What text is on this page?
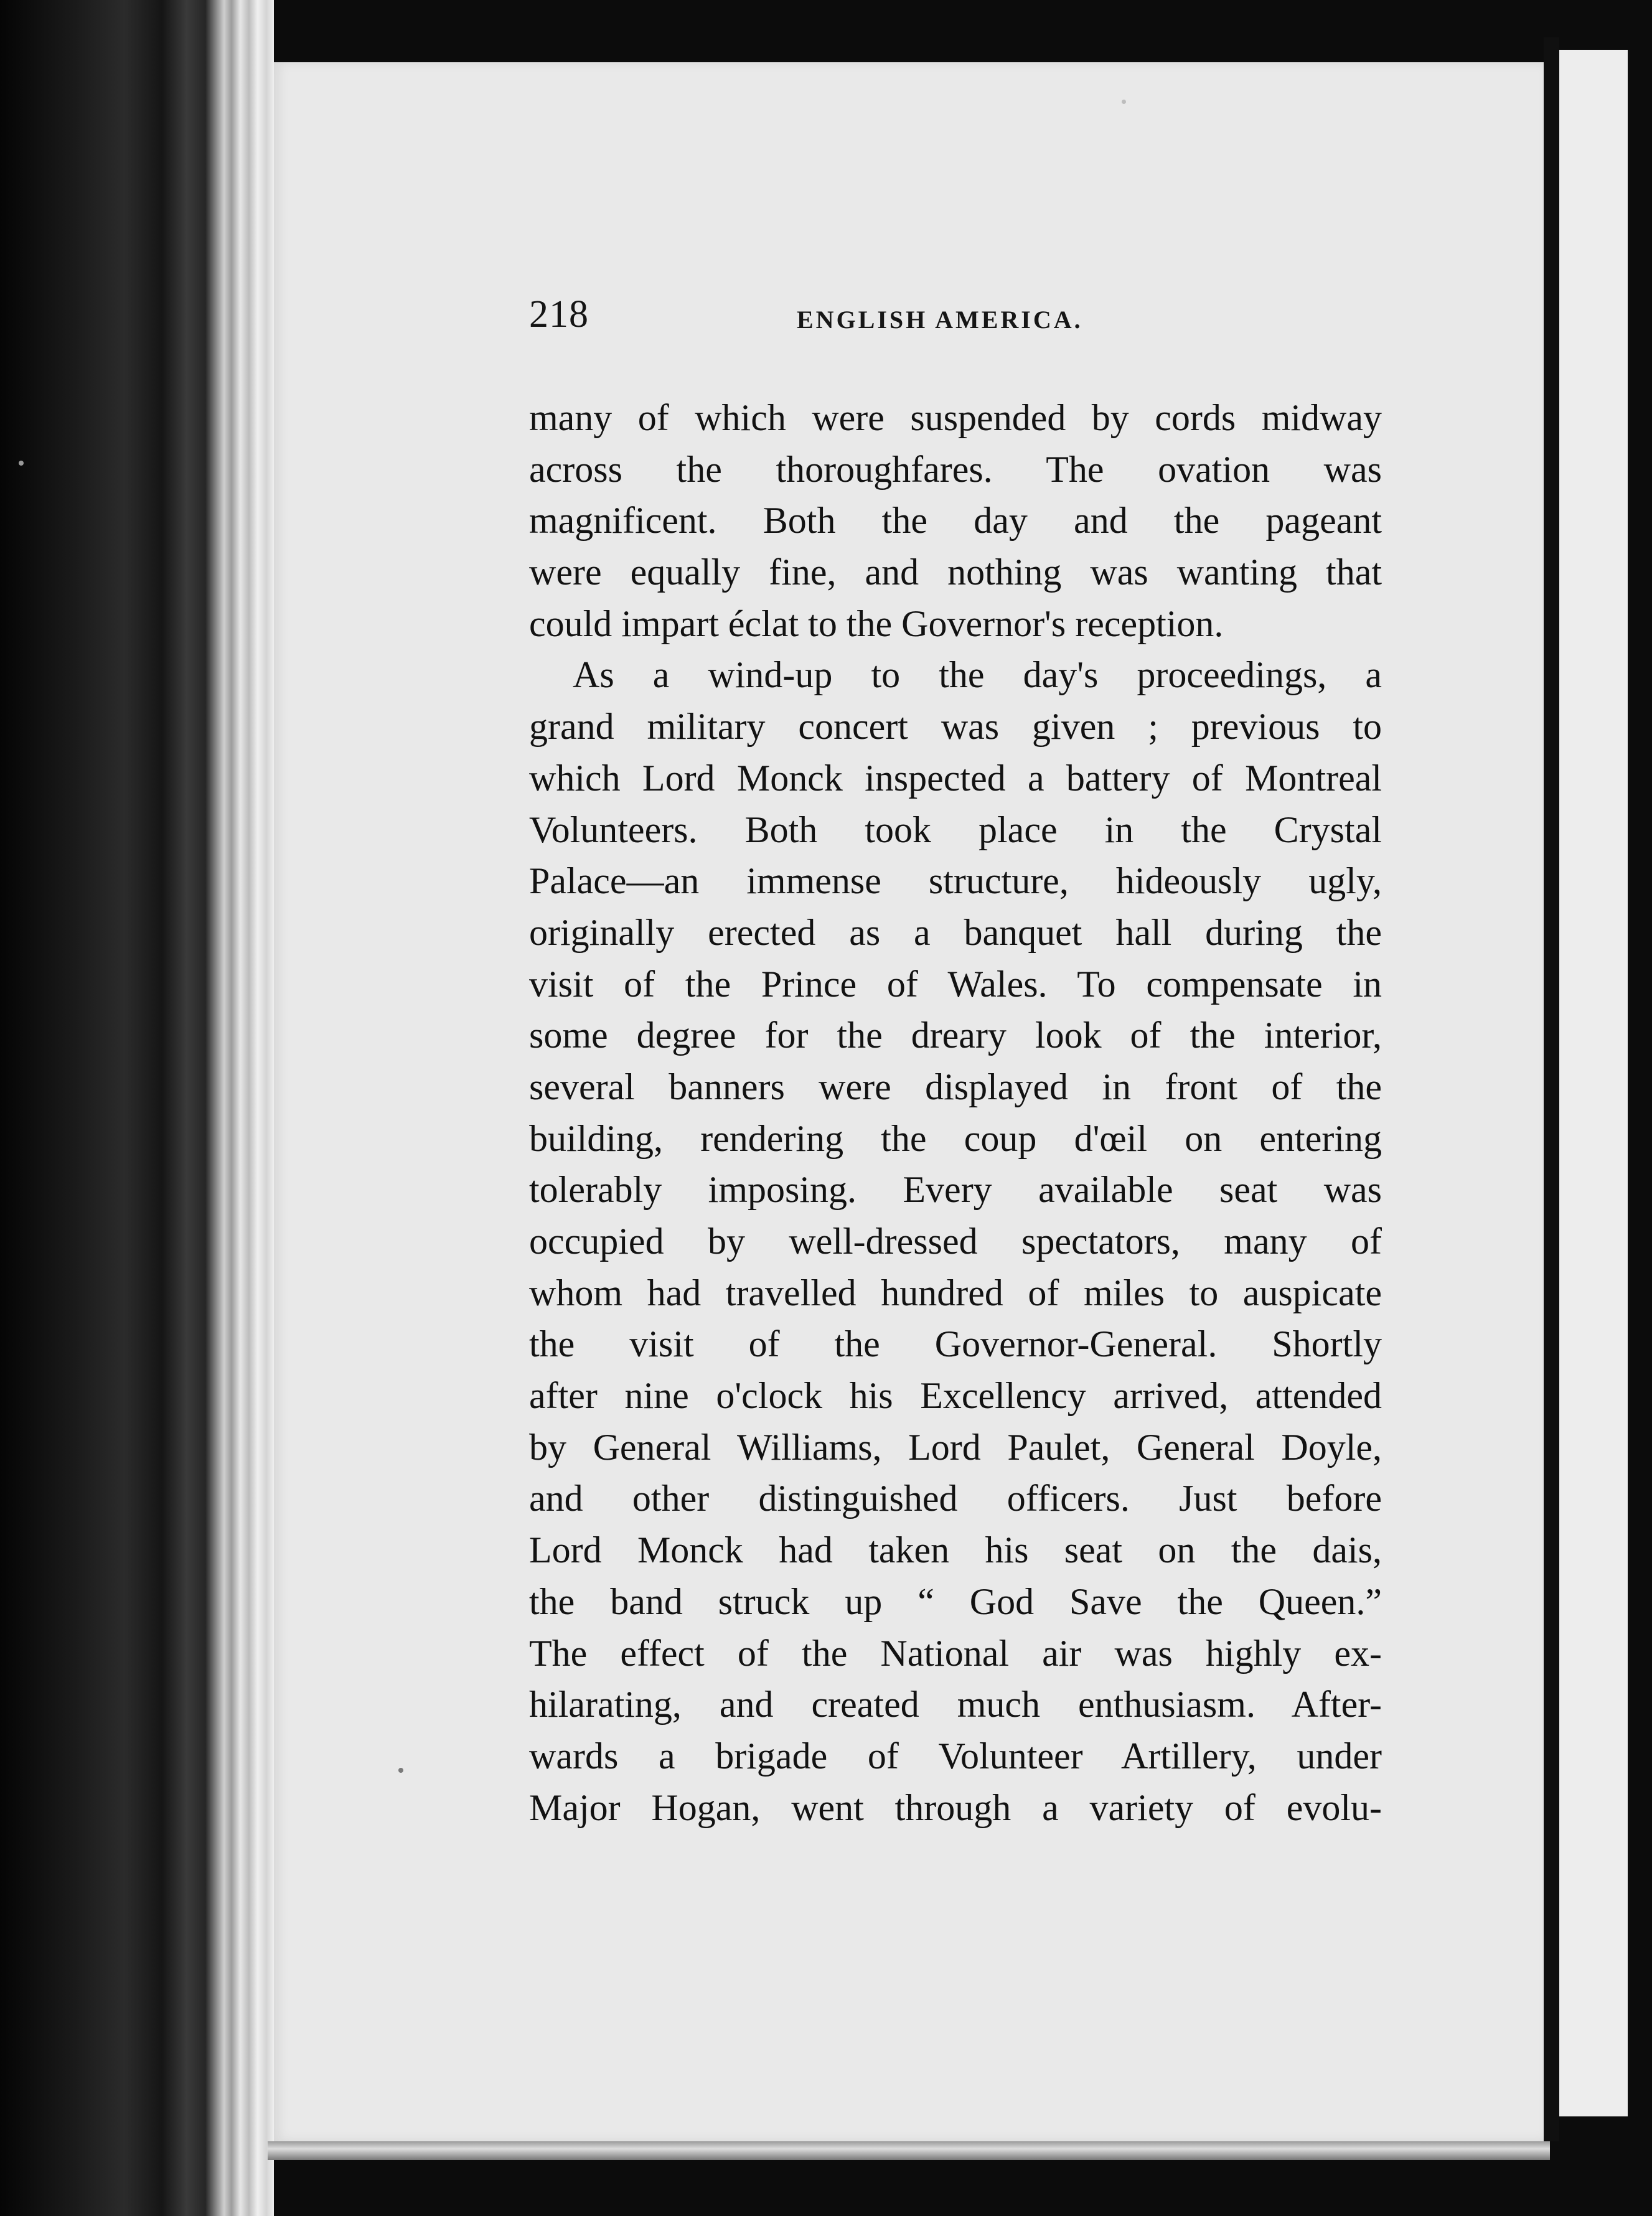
218	ENGLISH AMERICA.
many of which were suspended by cords midway
across the thoroughfares. The ovation was
magnificent. Both the day and the pageant
were equally fine, and nothing was wanting that
could impart éclat to the Governor's reception.
As a wind-up to the day's proceedings, a
grand military concert was given ; previous to
which Lord Monck inspected a battery of Montreal
Volunteers. Both took place in the Crystal
Palace—an immense structure, hideously ugly,
originally erected as a banquet hall during the
visit of the Prince of Wales. To compensate in
some degree for the dreary look of the interior,
several banners were displayed in front of the
building, rendering the coup d'œil on entering
tolerably imposing. Every available seat was
occupied by well-dressed spectators, many of
whom had travelled hundred of miles to auspicate
the visit of the Governor-General. Shortly
after nine o'clock his Excellency arrived, attended
by General Williams, Lord Paulet, General Doyle,
and other distinguished officers. Just before
Lord Monck had taken his seat on the dais,
the band struck up “ God Save the Queen.”
The effect of the National air was highly ex-
hilarating, and created much enthusiasm. After-
wards a brigade of Volunteer Artillery, under
Major Hogan, went through a variety of evolu-
